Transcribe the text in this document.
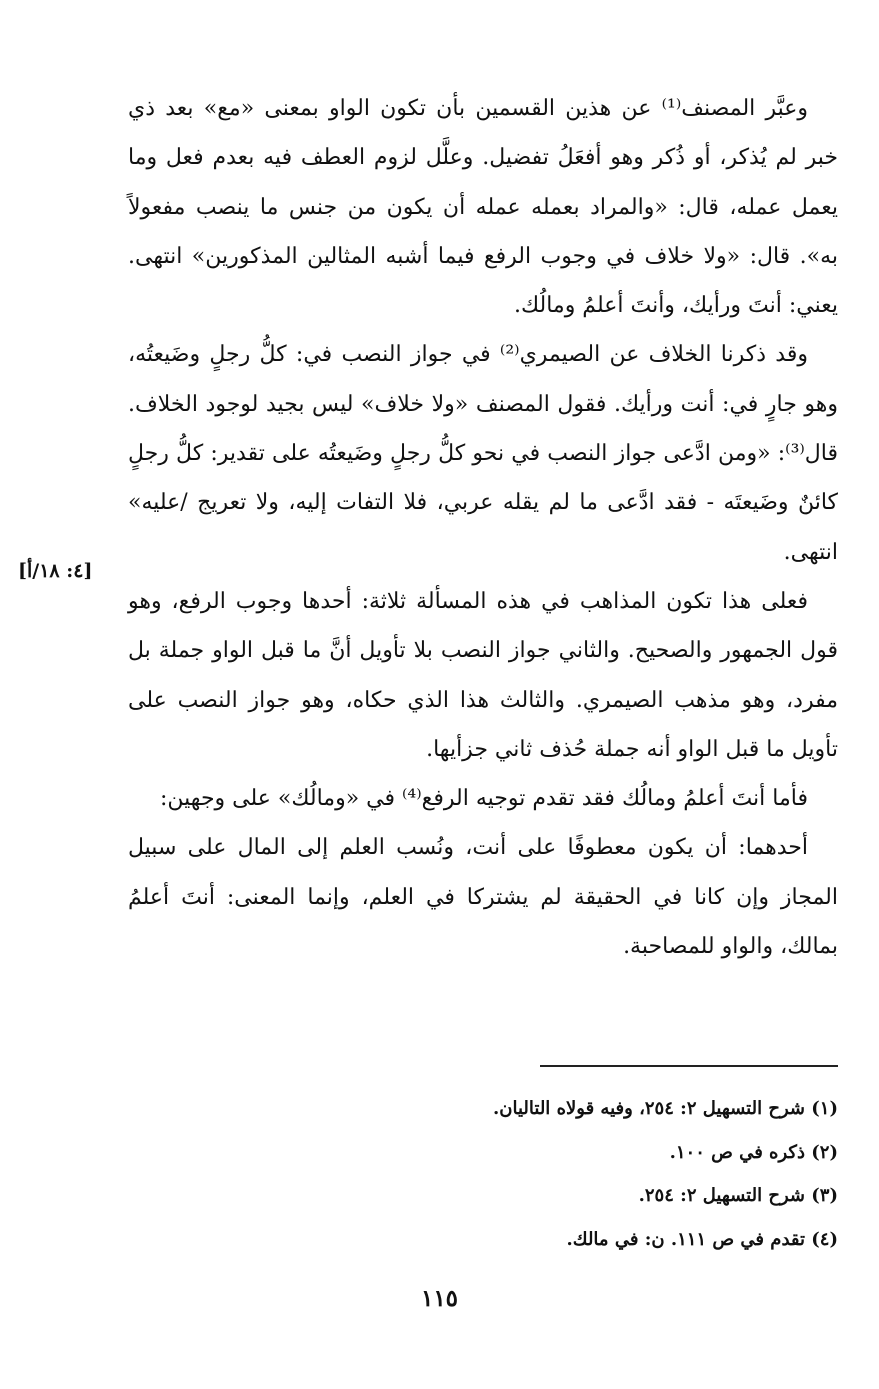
وعبَّر المصنف⁽¹⁾ عن هذين القسمين بأن تكون الواو بمعنى «مع» بعد ذي خبر لم يُذكر، أو ذُكر وهو أفعَلُ تفضيل. وعلَّل لزوم العطف فيه بعدم فعل وما يعمل عمله، قال: «والمراد بعمله عمله أن يكون من جنس ما ينصب مفعولاً به». قال: «ولا خلاف في وجوب الرفع فيما أشبه المثالين المذكورين» انتهى. يعني: أنتَ ورأيك، وأنتَ أعلمُ ومالُك.

وقد ذكرنا الخلاف عن الصيمري⁽²⁾ في جواز النصب في: كلُّ رجلٍ وضَيعتُه، وهو جارٍ في: أنت ورأيك. فقول المصنف «ولا خلاف» ليس بجيد لوجود الخلاف. قال⁽³⁾: «ومن ادَّعى جواز النصب في نحو كلُّ رجلٍ وضَيعتُه على تقدير: كلُّ رجلٍ كائنٌ وضَيعتَه - فقد ادَّعى ما لم يقله عربي، فلا التفات إليه، ولا تعريج /عليه» انتهى.

فعلى هذا تكون المذاهب في هذه المسألة ثلاثة: أحدها وجوب الرفع، وهو قول الجمهور والصحيح. والثاني جواز النصب بلا تأويل أنَّ ما قبل الواو جملة بل مفرد، وهو مذهب الصيمري. والثالث هذا الذي حكاه، وهو جواز النصب على تأويل ما قبل الواو أنه جملة حُذف ثاني جزأيها.

فأما أنتَ أعلمُ ومالُك فقد تقدم توجيه الرفع⁽⁴⁾ في «ومالُك» على وجهين:

أحدهما: أن يكون معطوفًا على أنت، ونُسب العلم إلى المال على سبيل المجاز وإن كانا في الحقيقة لم يشتركا في العلم، وإنما المعنى: أنتَ أعلمُ بمالك، والواو للمصاحبة.

[٤: ١٨/أ]
(١) شرح التسهيل ٢: ٢٥٤، وفيه قولاه التاليان.
(٢) ذكره في ص ١٠٠.
(٣) شرح التسهيل ٢: ٢٥٤.
(٤) تقدم في ص ١١١. ن: في مالك.
١١٥
